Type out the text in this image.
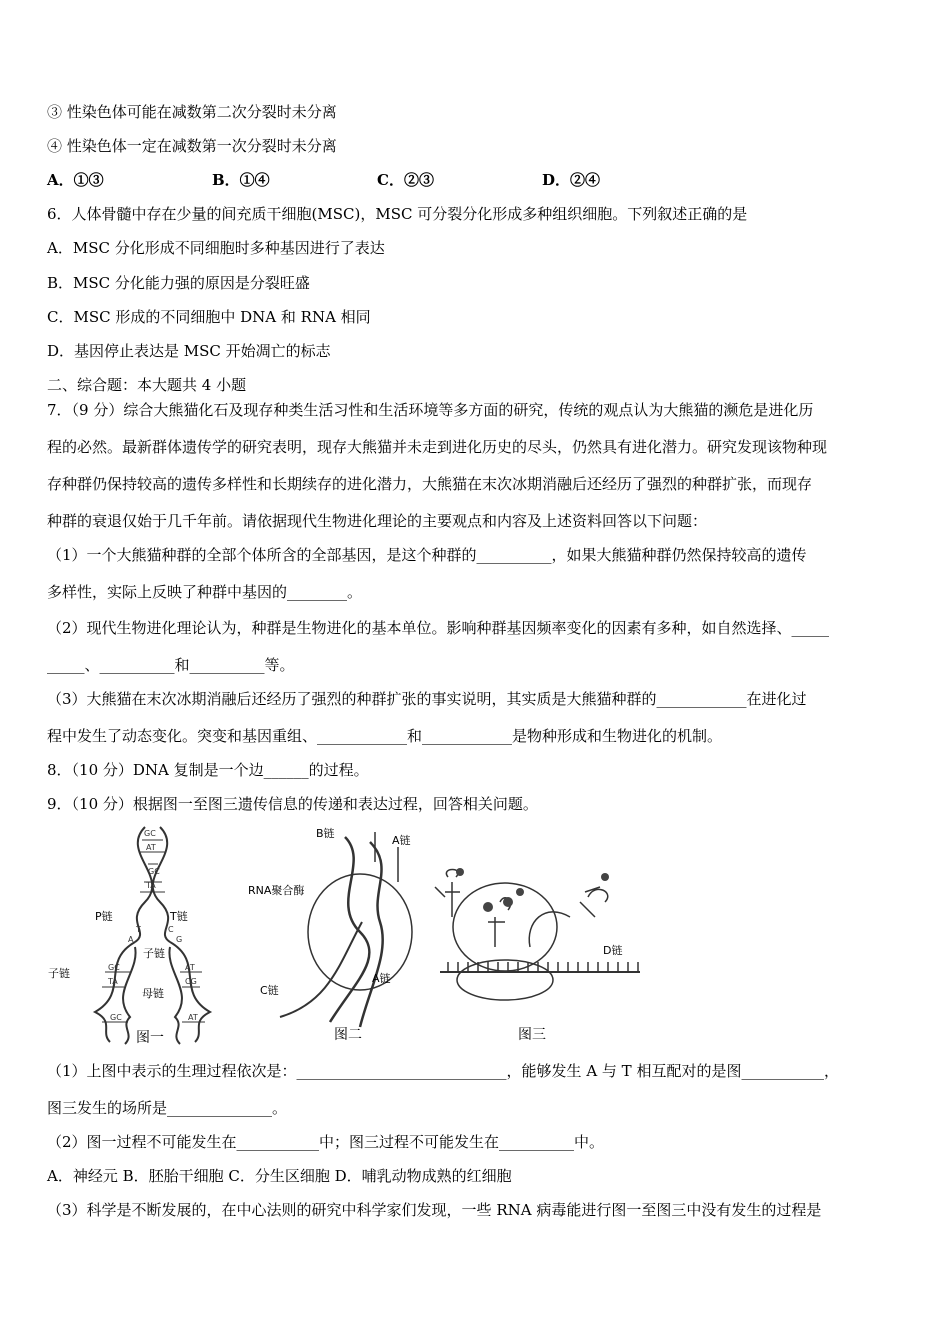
③ 性染色体可能在减数第二次分裂时未分离
④ 性染色体一定在减数第一次分裂时未分离
A．①③	B．①④	C．②③	D．②④
6．人体骨髓中存在少量的间充质干细胞(MSC)，MSC 可分裂分化形成多种组织细胞。下列叙述正确的是
A．MSC 分化形成不同细胞时多种基因进行了表达
B．MSC 分化能力强的原因是分裂旺盛
C．MSC 形成的不同细胞中 DNA 和 RNA 相同
D．基因停止表达是 MSC 开始凋亡的标志
二、综合题：本大题共 4 小题
7．（9 分）综合大熊猫化石及现存种类生活习性和生活环境等多方面的研究，传统的观点认为大熊猫的濒危是进化历
程的必然。最新群体遗传学的研究表明，现存大熊猫并未走到进化历史的尽头，仍然具有进化潜力。研究发现该物种现
存种群仍保持较高的遗传多样性和长期续存的进化潜力，大熊猫在末次冰期消融后还经历了强烈的种群扩张，而现存
种群的衰退仅始于几千年前。请依据现代生物进化理论的主要观点和内容及上述资料回答以下问题：
（1）一个大熊猫种群的全部个体所含的全部基因，是这个种群的__________，如果大熊猫种群仍然保持较高的遗传
多样性，实际上反映了种群中基因的________。
（2）现代生物进化理论认为，种群是生物进化的基本单位。影响种群基因频率变化的因素有多种，如自然选择、_____
_____、__________和__________等。
（3）大熊猫在末次冰期消融后还经历了强烈的种群扩张的事实说明，其实质是大熊猫种群的____________在进化过
程中发生了动态变化。突变和基因重组、____________和____________是物种形成和生物进化的机制。
8．（10 分）DNA 复制是一个边______的过程。
9．（10 分）根据图一至图三遗传信息的传递和表达过程，回答相关问题。
GC
AT
GC
TA
A
T	C
G
GC
TA
AT
CG
GC	AT
P链	T链
子链
子链
母链
B链
A链
RNA聚合酶
A链
C链
D链
图一	图二	图三
（1）上图中表示的生理过程依次是：____________________________，能够发生 A 与 T 相互配对的是图___________，
图三发生的场所是______________。
（2）图一过程不可能发生在___________中；图三过程不可能发生在__________中。
A．神经元 B．胚胎干细胞 C．分生区细胞 D．哺乳动物成熟的红细胞
（3）科学是不断发展的，在中心法则的研究中科学家们发现，一些 RNA 病毒能进行图一至图三中没有发生的过程是
